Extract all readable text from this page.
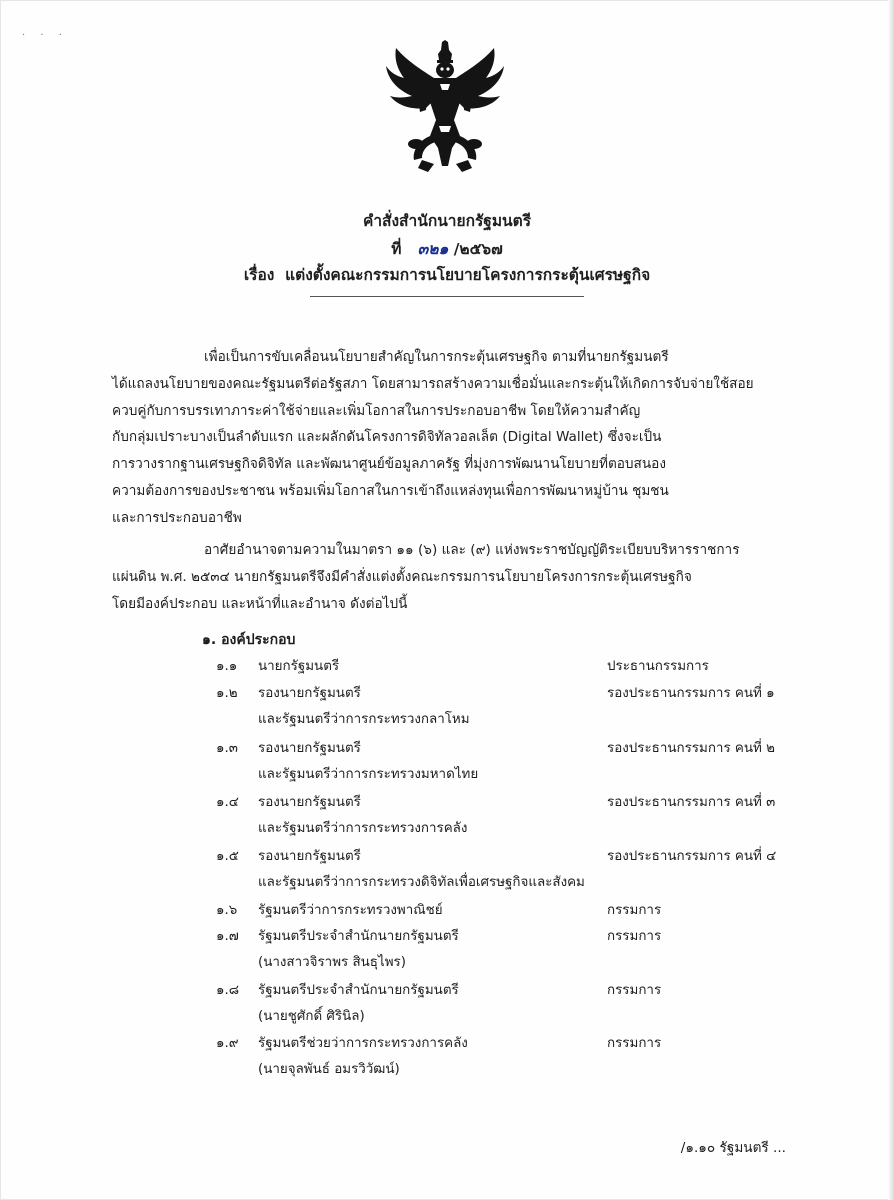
· · ·
คำสั่งสำนักนายกรัฐมนตรี
ที่ ๓๒๑ /๒๕๖๗
เรื่อง แต่งตั้งคณะกรรมการนโยบายโครงการกระตุ้นเศรษฐกิจ

เพื่อเป็นการขับเคลื่อนนโยบายสำคัญในการกระตุ้นเศรษฐกิจ ตามที่นายกรัฐมนตรี
ได้แถลงนโยบายของคณะรัฐมนตรีต่อรัฐสภา โดยสามารถสร้างความเชื่อมั่นและกระตุ้นให้เกิดการจับจ่ายใช้สอย
ควบคู่กับการบรรเทาภาระค่าใช้จ่ายและเพิ่มโอกาสในการประกอบอาชีพ โดยให้ความสำคัญ
กับกลุ่มเปราะบางเป็นลำดับแรก และผลักดันโครงการดิจิทัลวอลเล็ต (Digital Wallet) ซึ่งจะเป็น
การวางรากฐานเศรษฐกิจดิจิทัล และพัฒนาศูนย์ข้อมูลภาครัฐ ที่มุ่งการพัฒนานโยบายที่ตอบสนอง
ความต้องการของประชาชน พร้อมเพิ่มโอกาสในการเข้าถึงแหล่งทุนเพื่อการพัฒนาหมู่บ้าน ชุมชน
และการประกอบอาชีพ

อาศัยอำนาจตามความในมาตรา ๑๑ (๖) และ (๙) แห่งพระราชบัญญัติระเบียบบริหารราชการ
แผ่นดิน พ.ศ. ๒๕๓๔ นายกรัฐมนตรีจึงมีคำสั่งแต่งตั้งคณะกรรมการนโยบายโครงการกระตุ้นเศรษฐกิจ
โดยมีองค์ประกอบ และหน้าที่และอำนาจ ดังต่อไปนี้

๑. องค์ประกอบ
๑.๑ นายกรัฐมนตรี	ประธานกรรมการ
๑.๒ รองนายกรัฐมนตรี	รองประธานกรรมการ คนที่ ๑
และรัฐมนตรีว่าการกระทรวงกลาโหม
๑.๓ รองนายกรัฐมนตรี	รองประธานกรรมการ คนที่ ๒
และรัฐมนตรีว่าการกระทรวงมหาดไทย
๑.๔ รองนายกรัฐมนตรี	รองประธานกรรมการ คนที่ ๓
และรัฐมนตรีว่าการกระทรวงการคลัง
๑.๕ รองนายกรัฐมนตรี	รองประธานกรรมการ คนที่ ๔
และรัฐมนตรีว่าการกระทรวงดิจิทัลเพื่อเศรษฐกิจและสังคม
๑.๖ รัฐมนตรีว่าการกระทรวงพาณิชย์	กรรมการ
๑.๗ รัฐมนตรีประจำสำนักนายกรัฐมนตรี	กรรมการ
(นางสาวจิราพร สินธุไพร)
๑.๘ รัฐมนตรีประจำสำนักนายกรัฐมนตรี	กรรมการ
(นายชูศักดิ์ ศิรินิล)
๑.๙ รัฐมนตรีช่วยว่าการกระทรวงการคลัง	กรรมการ
(นายจุลพันธ์ อมรวิวัฒน์)
/๑.๑๐ รัฐมนตรี ...
